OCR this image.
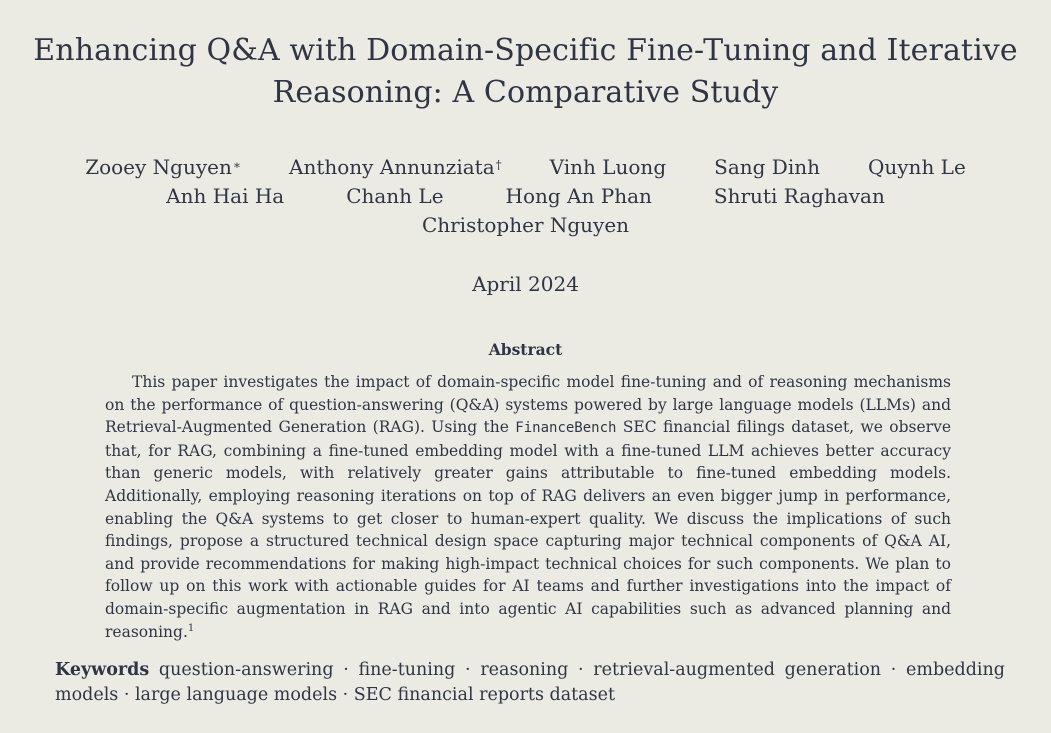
Enhancing Q&A with Domain-Specific Fine-Tuning and Iterative Reasoning: A Comparative Study
Zooey Nguyen∗ Anthony Annunziata† Vinh Luong Sang Dinh Quynh Le
Anh Hai Ha	Chanh Le	Hong An Phan	Shruti Raghavan
Christopher Nguyen
April 2024
Abstract

This paper investigates the impact of domain-specific model fine-tuning and of reasoning mechanisms on the performance of question-answering (Q&A) systems powered by large language models (LLMs) and Retrieval-Augmented Generation (RAG). Using the FinanceBench SEC financial filings dataset, we observe that, for RAG, combining a fine-tuned embedding model with a fine-tuned LLM achieves better accuracy than generic models, with relatively greater gains attributable to fine-tuned embedding models. Additionally, employing reasoning iterations on top of RAG delivers an even bigger jump in performance, enabling the Q&A systems to get closer to human-expert quality. We discuss the implications of such findings, propose a structured technical design space capturing major technical components of Q&A AI, and provide recommendations for making high-impact technical choices for such components. We plan to follow up on this work with actionable guides for AI teams and further investigations into the impact of domain-specific augmentation in RAG and into agentic AI capabilities such as advanced planning and reasoning.$^1$

Keywords question-answering · fine-tuning · reasoning · retrieval-augmented generation · embedding models · large language models · SEC financial reports dataset
